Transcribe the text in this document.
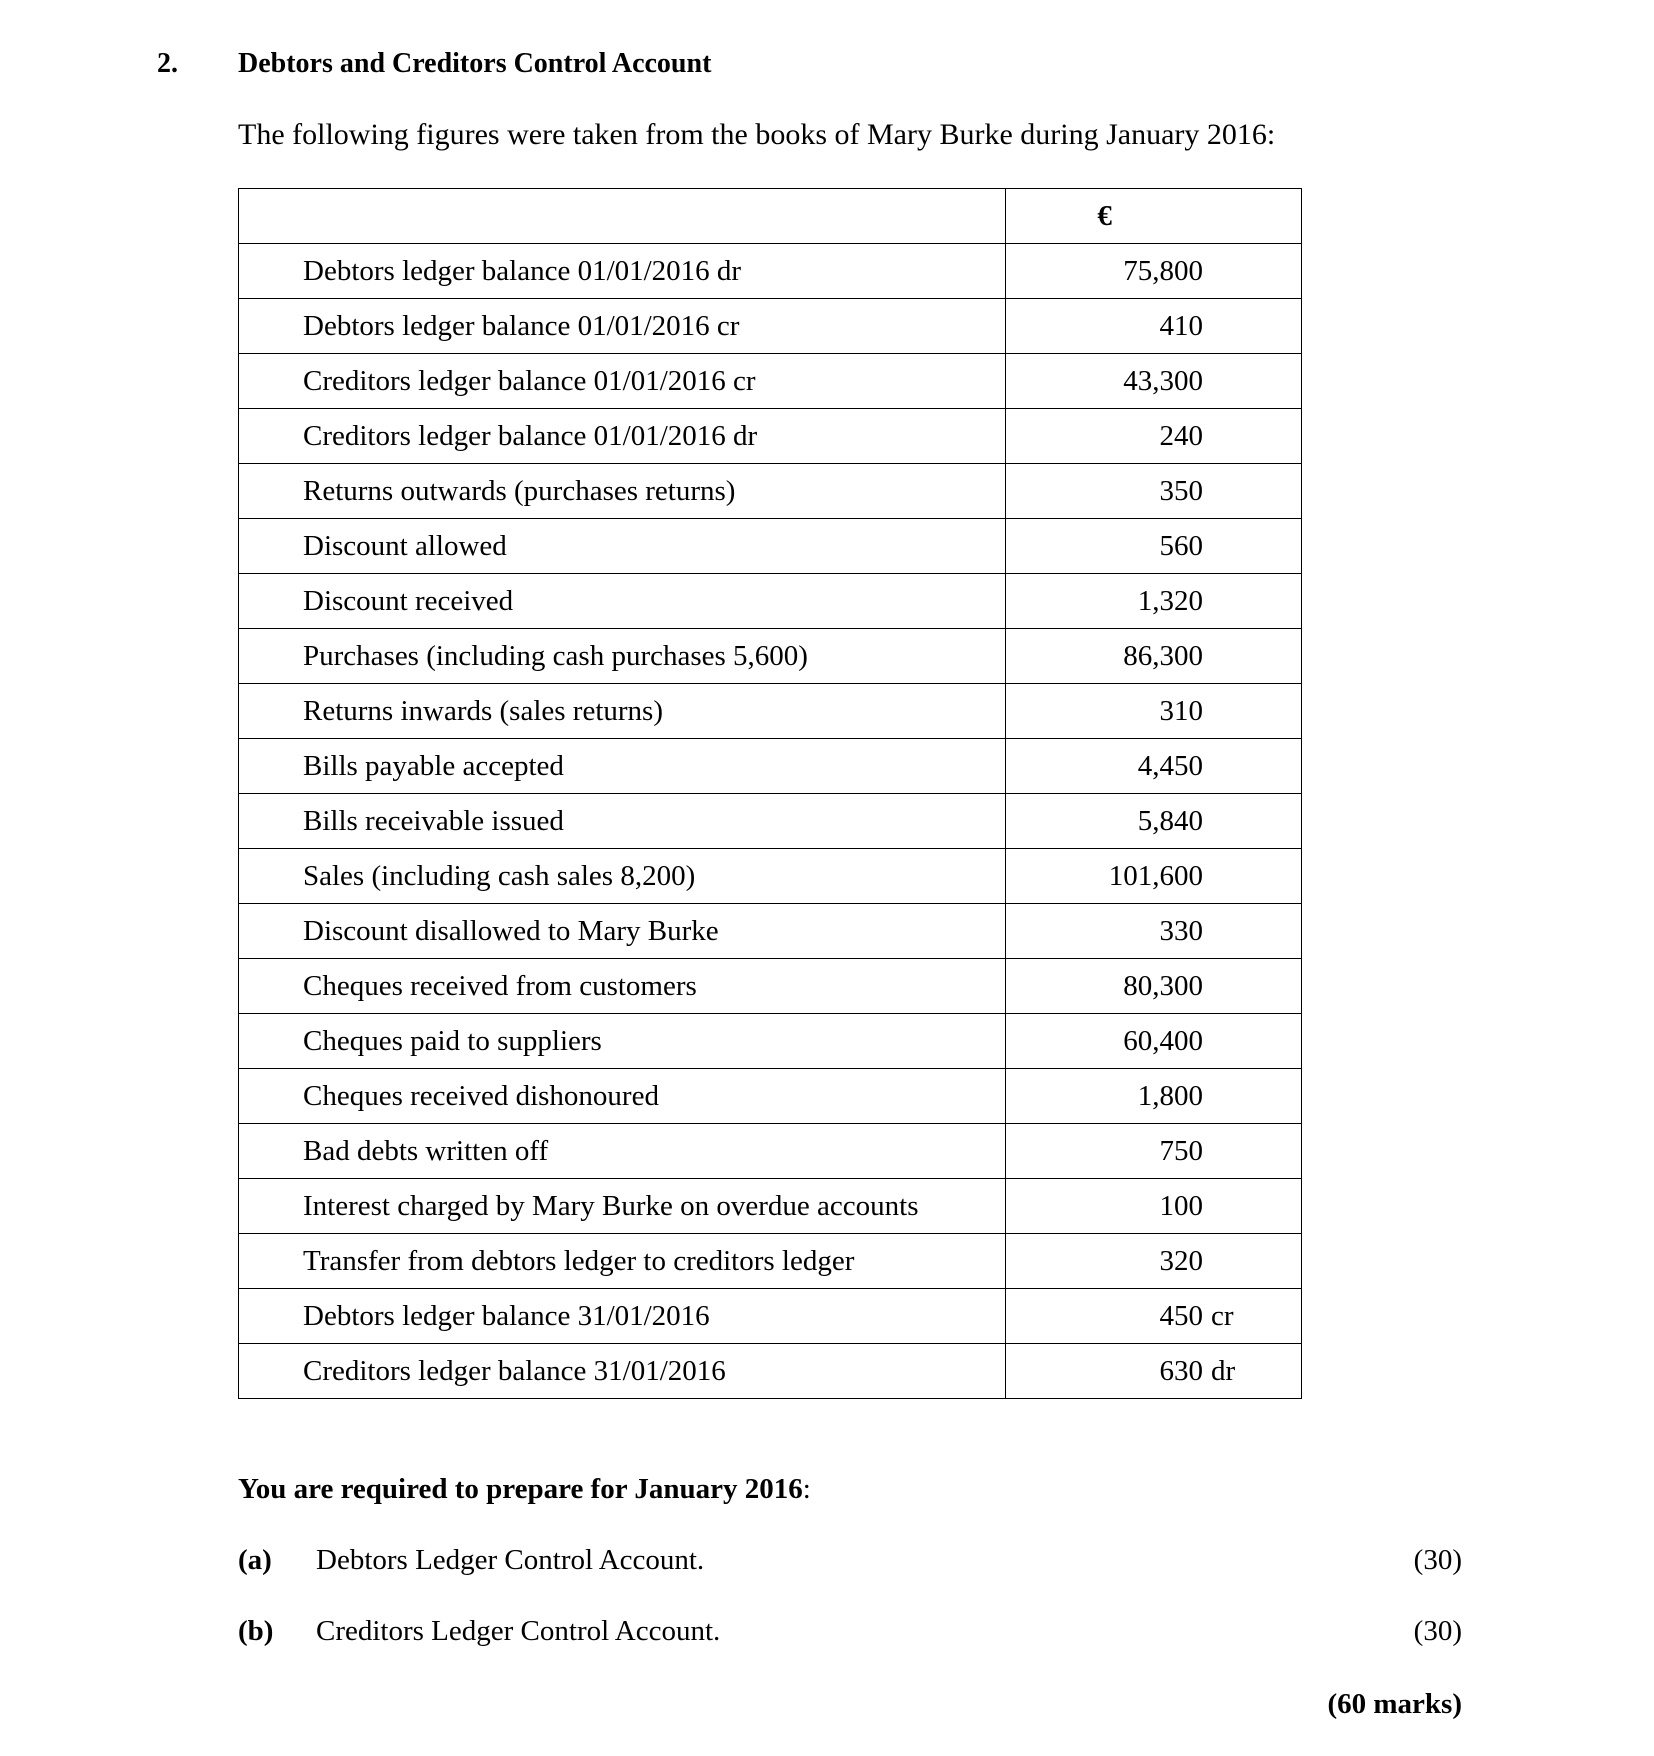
2. Debtors and Creditors Control Account
The following figures were taken from the books of Mary Burke during January 2016:
	€
Debtors ledger balance 01/01/2016 dr	75,800
Debtors ledger balance 01/01/2016 cr	410
Creditors ledger balance 01/01/2016 cr	43,300
Creditors ledger balance 01/01/2016 dr	240
Returns outwards (purchases returns)	350
Discount allowed	560
Discount received	1,320
Purchases (including cash purchases 5,600)	86,300
Returns inwards (sales returns)	310
Bills payable accepted	4,450
Bills receivable issued	5,840
Sales (including cash sales 8,200)	101,600
Discount disallowed to Mary Burke	330
Cheques received from customers	80,300
Cheques paid to suppliers	60,400
Cheques received dishonoured	1,800
Bad debts written off	750
Interest charged by Mary Burke on overdue accounts	100
Transfer from debtors ledger to creditors ledger	320
Debtors ledger balance 31/01/2016	450 cr
Creditors ledger balance 31/01/2016	630 dr
You are required to prepare for January 2016:
(a) Debtors Ledger Control Account.	(30)
(b) Creditors Ledger Control Account.	(30)
(60 marks)
